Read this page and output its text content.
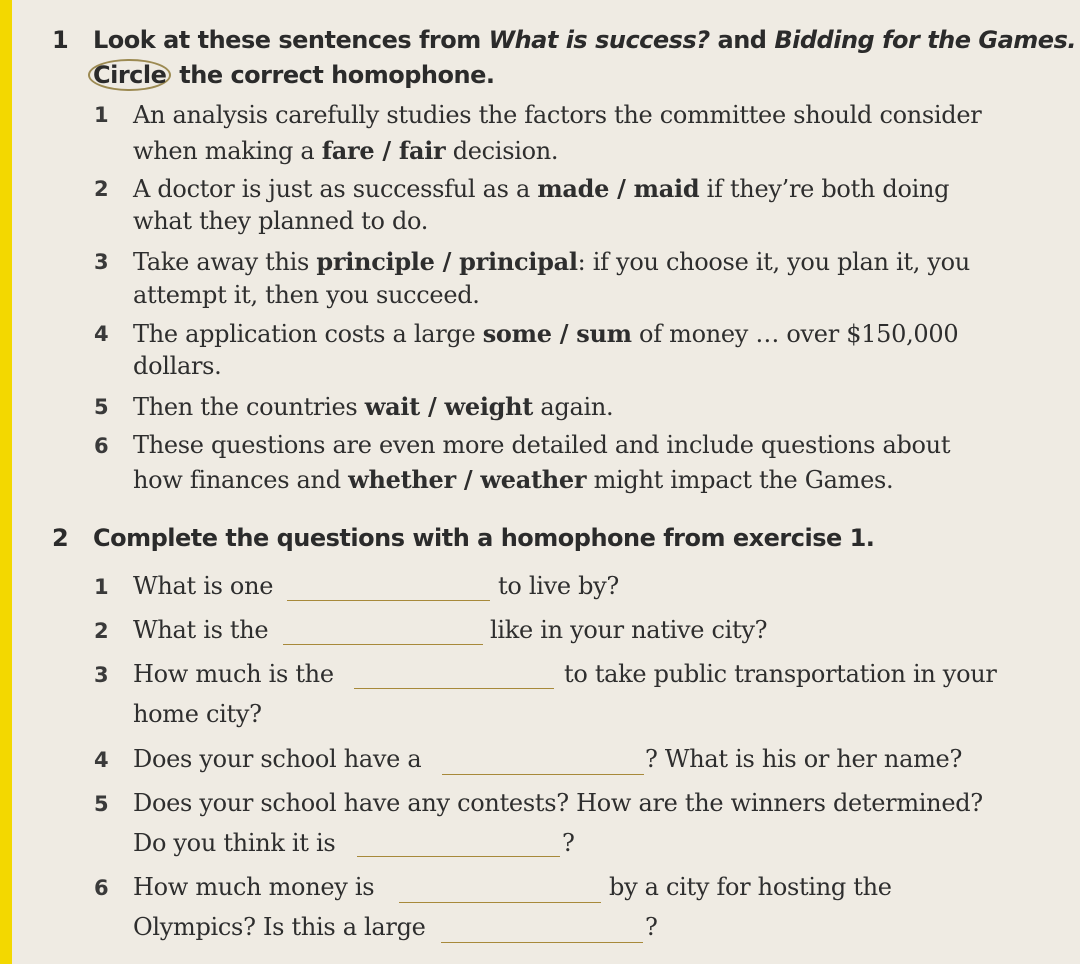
1 Look at these sentences from What is success? and Bidding for the Games.
Circle the correct homophone.
1 An analysis carefully studies the factors the committee should consider
when making a fare / fair decision.
2 A doctor is just as successful as a made / maid if they’re both doing
what they planned to do.
3 Take away this principle / principal: if you choose it, you plan it, you
attempt it, then you succeed.
4 The application costs a large some / sum of money … over $150,000
dollars.
5 Then the countries wait / weight again.
6 These questions are even more detailed and include questions about
how finances and whether / weather might impact the Games.
2 Complete the questions with a homophone from exercise 1.
1 What is one	to live by?
2 What is the	like in your native city?
3 How much is the	to take public transportation in your
home city?
4 Does your school have a	? What is his or her name?
5 Does your school have any contests? How are the winners determined?
Do you think it is	?
6 How much money is	by a city for hosting the
Olympics? Is this a large	?
